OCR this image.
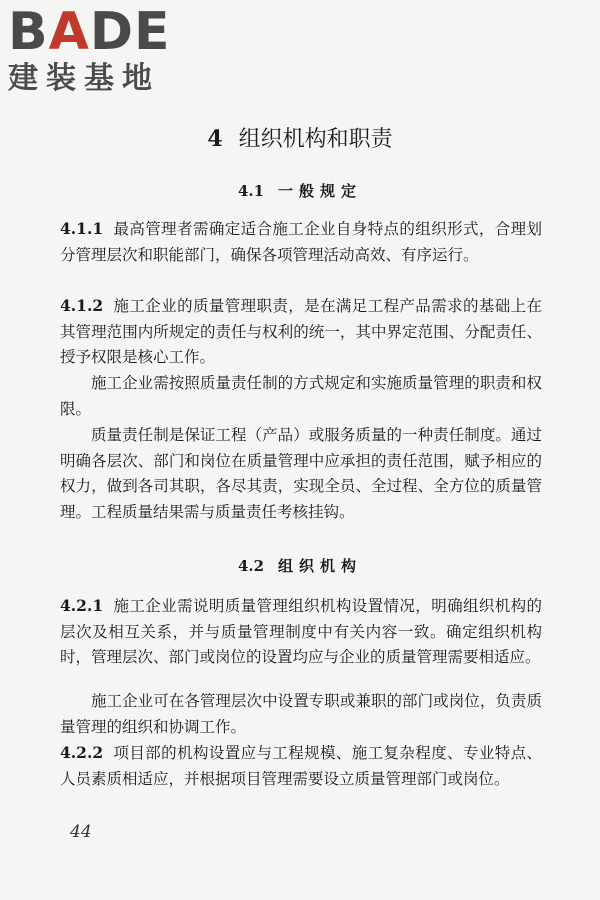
BADE
建装基地
4 组织机构和职责
4.1 一般规定
4.1.1 最高管理者需确定适合施工企业自身特点的组织形式，合理划分管理层次和职能部门，确保各项管理活动高效、有序运行。
4.1.2 施工企业的质量管理职责，是在满足工程产品需求的基础上在其管理范围内所规定的责任与权利的统一，其中界定范围、分配责任、授予权限是核心工作。
施工企业需按照质量责任制的方式规定和实施质量管理的职责和权限。
质量责任制是保证工程（产品）或服务质量的一种责任制度。通过明确各层次、部门和岗位在质量管理中应承担的责任范围，赋予相应的权力，做到各司其职，各尽其责，实现全员、全过程、全方位的质量管理。工程质量结果需与质量责任考核挂钩。
4.2 组织机构
4.2.1 施工企业需说明质量管理组织机构设置情况，明确组织机构的层次及相互关系，并与质量管理制度中有关内容一致。确定组织机构时，管理层次、部门或岗位的设置均应与企业的质量管理需要相适应。
施工企业可在各管理层次中设置专职或兼职的部门或岗位，负责质量管理的组织和协调工作。
4.2.2 项目部的机构设置应与工程规模、施工复杂程度、专业特点、人员素质相适应，并根据项目管理需要设立质量管理部门或岗位。
44
